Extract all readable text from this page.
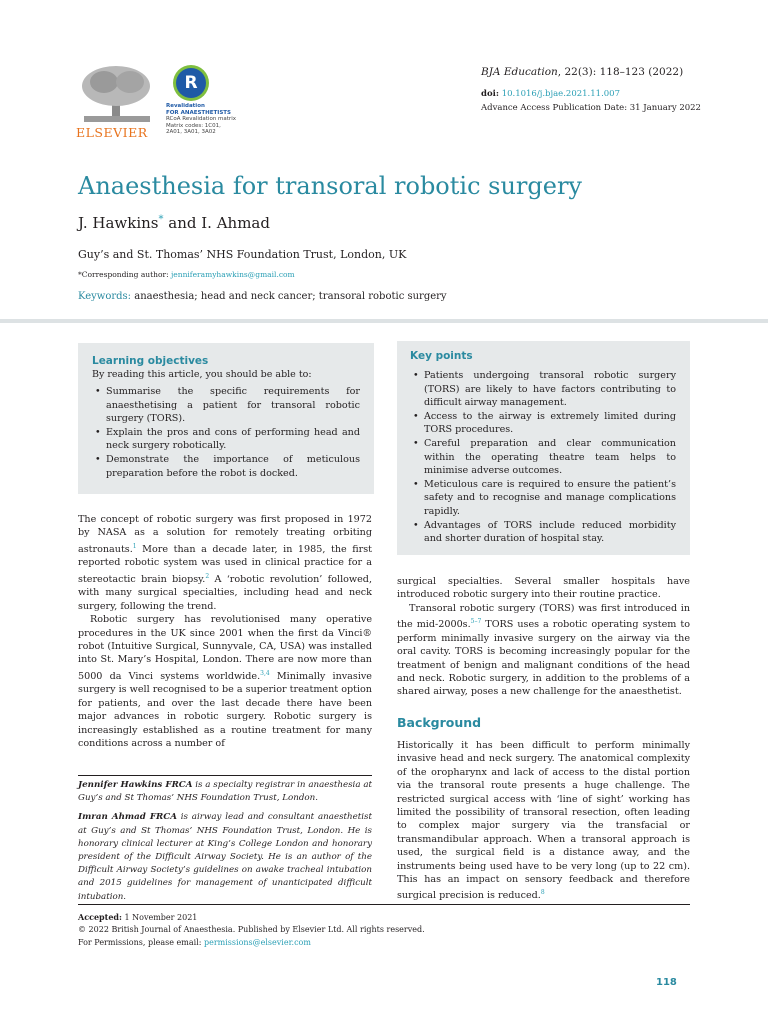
ELSEVIER
R
Revalidation
FOR ANAESTHETISTS
RCoA Revalidation matrix
Matrix codes: 1C01,
2A01, 3A01, 3A02
BJA Education, 22(3): 118–123 (2022)
doi: 10.1016/j.bjae.2021.11.007
Advance Access Publication Date: 31 January 2022
Anaesthesia for transoral robotic surgery
J. Hawkins* and I. Ahmad
Guy’s and St. Thomas’ NHS Foundation Trust, London, UK
*Corresponding author: jenniferamyhawkins@gmail.com
Keywords: anaesthesia; head and neck cancer; transoral robotic surgery
Learning objectives
By reading this article, you should be able to:
• Summarise the specific requirements for anaesthetising a patient for transoral robotic surgery (TORS).
• Explain the pros and cons of performing head and neck surgery robotically.
• Demonstrate the importance of meticulous preparation before the robot is docked.
Key points
• Patients undergoing transoral robotic surgery (TORS) are likely to have factors contributing to difficult airway management.
• Access to the airway is extremely limited during TORS procedures.
• Careful preparation and clear communication within the operating theatre team helps to minimise adverse outcomes.
• Meticulous care is required to ensure the patient’s safety and to recognise and manage complications rapidly.
• Advantages of TORS include reduced morbidity and shorter duration of hospital stay.

The concept of robotic surgery was first proposed in 1972 by NASA as a solution for remotely treating orbiting astronauts.$^1$ More than a decade later, in 1985, the first reported robotic system was used in clinical practice for a stereotactic brain biopsy.$^2$ A ‘robotic revolution’ followed, with many surgical specialties, including head and neck surgery, following the trend.

Robotic surgery has revolutionised many operative procedures in the UK since 2001 when the first da Vinci® robot (Intuitive Surgical, Sunnyvale, CA, USA) was installed into St. Mary’s Hospital, London. There are now more than 5000 da Vinci systems worldwide.$^{3,4}$ Minimally invasive surgery is well recognised to be a superior treatment option for patients, and over the last decade there have been major advances in robotic surgery. Robotic surgery is increasingly established as a routine treatment for many conditions across a number of

surgical specialties. Several smaller hospitals have introduced robotic surgery into their routine practice.

Transoral robotic surgery (TORS) was first introduced in the mid-2000s.$^{5-7}$ TORS uses a robotic operating system to perform minimally invasive surgery on the airway via the oral cavity. TORS is becoming increasingly popular for the treatment of benign and malignant conditions of the head and neck. Robotic surgery, in addition to the problems of a shared airway, poses a new challenge for the anaesthetist.

Background

Historically it has been difficult to perform minimally invasive head and neck surgery. The anatomical complexity of the oropharynx and lack of access to the distal portion via the transoral route presents a huge challenge. The restricted surgical access with ‘line of sight’ working has limited the possibility of transoral resection, often leading to complex major surgery via the transfacial or transmandibular approach. When a transoral approach is used, the surgical field is a distance away, and the instruments being used have to be very long (up to 22 cm). This has an impact on sensory feedback and therefore surgical precision is reduced.$^8$

Jennifer Hawkins FRCA is a specialty registrar in anaesthesia at Guy’s and St Thomas’ NHS Foundation Trust, London.

Imran Ahmad FRCA is airway lead and consultant anaesthetist at Guy’s and St Thomas’ NHS Foundation Trust, London. He is honorary clinical lecturer at King’s College London and honorary president of the Difficult Airway Society. He is an author of the Difficult Airway Society’s guidelines on awake tracheal intubation and 2015 guidelines for management of unanticipated difficult intubation.

Accepted: 1 November 2021
© 2022 British Journal of Anaesthesia. Published by Elsevier Ltd. All rights reserved.
For Permissions, please email: permissions@elsevier.com
118
